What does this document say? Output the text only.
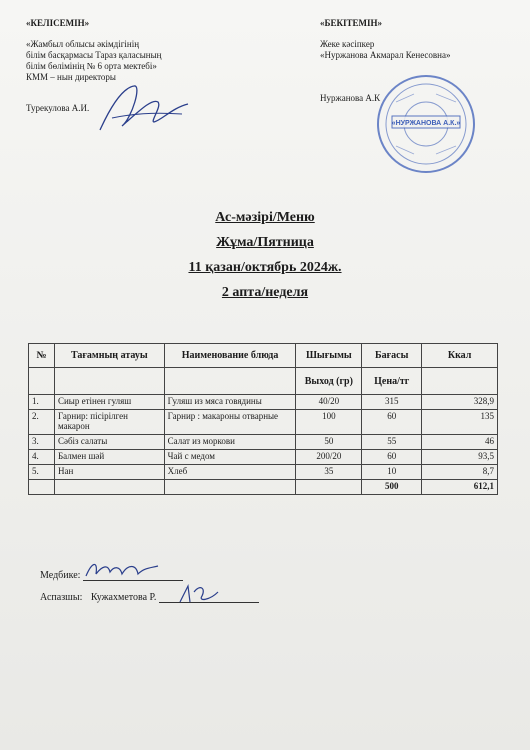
«КЕЛІСЕМІН»
«Жамбыл облысы әкімдігінің
білім басқармасы Тараз қаласының
білім бөлімінің № 6 орта мектебі»
КММ – нын директоры
Турекулова А.И.
«БЕКІТЕМІН»
Жеке кәсіпкер
«Нуржанова Акмарал Кенесовна»
Нуржанова А.К
«НУРЖАНОВА А.К.»
Ас-мәзірі/Меню
Жұма/Пятница
11 қазан/октябрь 2024ж.
2 апта/неделя
№	Тағамның атауы	Наименование блюда	Шығымы	Бағасы	Ккал
			Выход (гр)	Цена/тг	
1.	Сиыр етінен гуляш	Гуляш из мяса говядины	40/20	315	328,9
2.	Гарнир: пісірілген макарон	Гарнир : макароны отварные	100	60	135
3.	Сәбіз салаты	Салат из моркови	50	55	46
4.	Балмен шәй	Чай с медом	200/20	60	93,5
5.	Нан	Хлеб	35	10	8,7
				500	612,1
Медбике:
Аспазшы: Кужахметова Р.
